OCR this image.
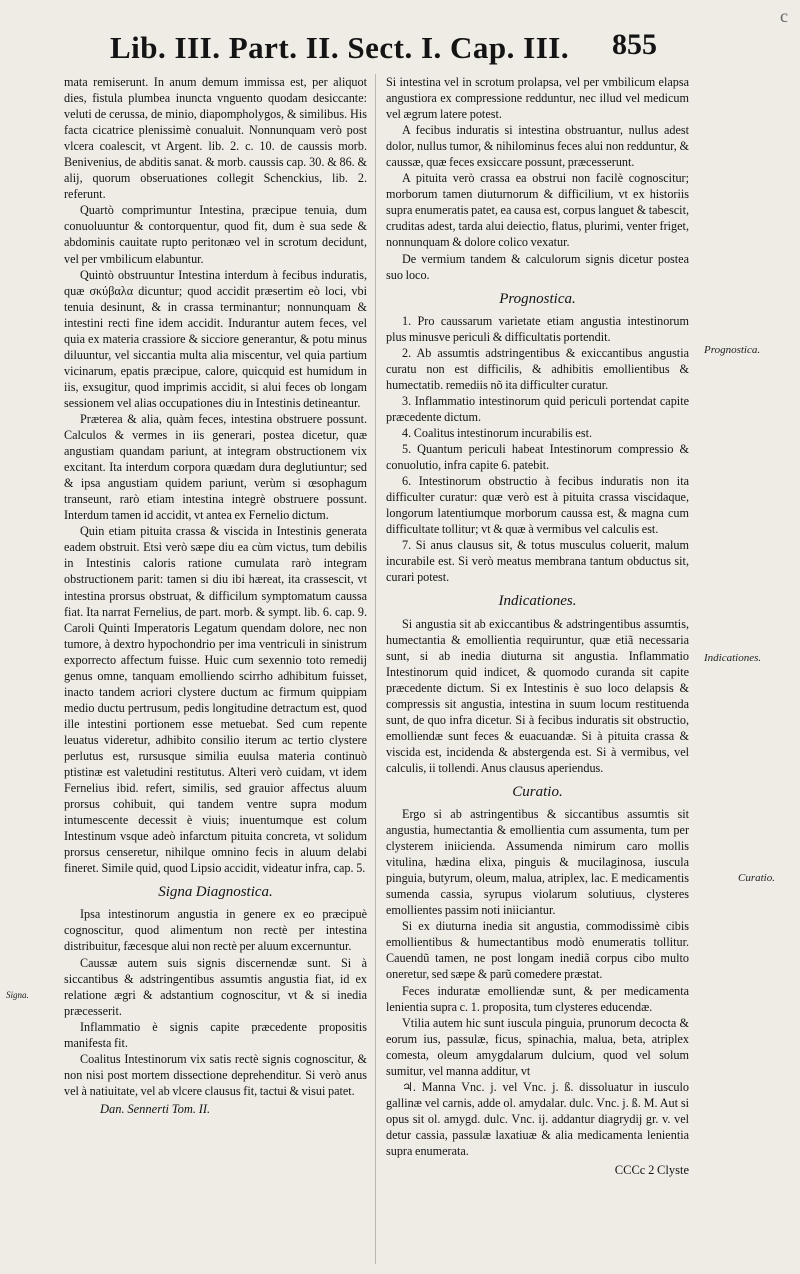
c
Lib. III. Part. II. Sect. I. Cap. III.	855

mata remiserunt. In anum demum immissa est, per aliquot dies, fistula plumbea inuncta vnguento quodam desiccante: veluti de cerussa, de minio, diapompholygos, & similibus. His facta cicatrice plenissimè conualuit. Nonnunquam verò post vlcera coalescit, vt Argent. lib. 2. c. 10. de caussis morb. Benivenius, de abditis sanat. & morb. caussis cap. 30. & 86. & alij, quorum obseruationes collegit Schenckius, lib. 2. referunt.

Quartò comprimuntur Intestina, præcipue tenuia, dum conuoluuntur & contorquentur, quod fit, dum è sua sede & abdominis cauitate rupto peritonæo vel in scrotum decidunt, vel per vmbilicum elabuntur.

Quintò obstruuntur Intestina interdum à fecibus induratis, quæ σκύβαλα dicuntur; quod accidit præsertim eò loci, vbi tenuia desinunt, & in crassa terminantur; nonnunquam & intestini recti fine idem accidit. Indurantur autem feces, vel quia ex materia crassiore & sicciore generantur, & potu minus diluuntur, vel siccantia multa alia miscentur, vel quia partium vicinarum, epatis præcipue, calore, quicquid est humidum in iis, exsugitur, quod imprimis accidit, si alui feces ob longam sessionem vel alias occupationes diu in Intestinis detineantur.

Præterea & alia, quàm feces, intestina obstruere possunt. Calculos & vermes in iis generari, postea dicetur, quæ angustiam quandam pariunt, at integram obstructionem vix excitant. Ita interdum corpora quædam dura deglutiuntur; sed & ipsa angustiam quidem pariunt, verùm si œsophagum transeunt, rarò etiam intestina integrè obstruere possunt. Interdum tamen id accidit, vt antea ex Fernelio dictum.

Quin etiam pituita crassa & viscida in Intestinis generata eadem obstruit. Etsi verò sæpe diu ea cùm victus, tum debilis in Intestinis caloris ratione cumulata rarò integram obstructionem parit: tamen si diu ibi hæreat, ita crassescit, vt intestina prorsus obstruat, & difficilum symptomatum caussa fiat. Ita narrat Fernelius, de part. morb. & sympt. lib. 6. cap. 9. Caroli Quinti Imperatoris Legatum quendam dolore, nec non tumore, à dextro hypochondrio per ima ventriculi in sinistrum exporrecto affectum fuisse. Huic cum sexennio toto remedij genus omne, tanquam emolliendo scirrho adhibitum fuisset, inacto tandem acriori clystere ductum ac firmum quippiam medio ductu pertrusum, pedis longitudine detractum est, quod ille intestini portionem esse metuebat. Sed cum repente leuatus videretur, adhibito consilio iterum ac tertio clystere perlutus est, rursusque similia euulsa materia continuò ptistinæ est valetudini restitutus. Alteri verò cuidam, vt idem Fernelius ibid. refert, similis, sed grauior affectus aluum prorsus cohibuit, qui tandem ventre supra modum intumescente decessit è viuis; inuentumque est colum Intestinum vsque adeò infarctum pituita concreta, vt solidum prorsus censeretur, nihilque omnino fecis in aluum delabi fineret. Simile quid, quod Lipsio accidit, videatur infra, cap. 5.

Signa Diagnostica.

Ipsa intestinorum angustia in genere ex eo præcipuè cognoscitur, quod alimentum non rectè per intestina distribuitur, fæcesque alui non rectè per aluum excernuntur.

Caussæ autem suis signis discernendæ sunt. Si à siccantibus & adstringentibus assumtis angustia fiat, id ex relatione ægri & adstantium cognoscitur, vt & si inedia præcesserit.

Inflammatio è signis capite præcedente propositis manifesta fit.

Coalitus Intestinorum vix satis rectè signis cognoscitur, & non nisi post mortem dissectione deprehenditur. Si verò anus vel à natiuitate, vel ab vlcere clausus fit, tactui & visui patet.

Dan. Sennerti Tom. II.

Si intestina vel in scrotum prolapsa, vel per vmbilicum elapsa angustiora ex compressione redduntur, nec illud vel medicum vel ægrum latere potest.

A fecibus induratis si intestina obstruantur, nullus adest dolor, nullus tumor, & nihilominus feces alui non redduntur, & caussæ, quæ feces exsiccare possunt, præcesserunt.

A pituita verò crassa ea obstrui non facilè cognoscitur; morborum tamen diuturnorum & difficilium, vt ex historiis supra enumeratis patet, ea causa est, corpus languet & tabescit, cruditas adest, tarda alui deiectio, flatus, plurimi, venter friget, nonnunquam & dolore colico vexatur.

De vermium tandem & calculorum signis dicetur postea suo loco.

Prognostica.

1. Pro caussarum varietate etiam angustia intestinorum plus minusve periculi & difficultatis portendit.

2. Ab assumtis adstringentibus & exiccantibus angustia curatu non est difficilis, & adhibitis emollientibus & humectatib. remediis nõ ita difficulter curatur.

3. Inflammatio intestinorum quid periculi portendat capite præcedente dictum.

4. Coalitus intestinorum incurabilis est.

5. Quantum periculi habeat Intestinorum compressio & conuolutio, infra capite 6. patebit.

6. Intestinorum obstructio à fecibus induratis non ita difficulter curatur: quæ verò est à pituita crassa viscidaque, longorum latentiumque morborum caussa est, & magna cum difficultate tollitur; vt & quæ à vermibus vel calculis est.

7. Si anus clausus sit, & totus musculus coluerit, malum incurabile est. Si verò meatus membrana tantum obductus sit, curari potest.

Indicationes.

Si angustia sit ab exiccantibus & adstringentibus assumtis, humectantia & emollientia requiruntur, quæ etiã necessaria sunt, si ab inedia diuturna sit angustia. Inflammatio Intestinorum quid indicet, & quomodo curanda sit capite præcedente dictum. Si ex Intestinis è suo loco delapsis & compressis sit angustia, intestina in suum locum restituenda sunt, de quo infra dicetur. Si à fecibus induratis sit obstructio, emolliendæ sunt feces & euacuandæ. Si à pituita crassa & viscida est, incidenda & abstergenda est. Si à vermibus, vel calculis, ii tollendi. Anus clausus aperiendus.

Curatio.

Ergo si ab astringentibus & siccantibus assumtis sit angustia, humectantia & emollientia cum assumenta, tum per clysterem iniicienda. Assumenda nimirum caro mollis vitulina, hædina elixa, pinguis & mucilaginosa, iuscula pinguia, butyrum, oleum, malua, atriplex, lac. E medicamentis sumenda cassia, syrupus violarum solutiuus, clysteres emollientes passim noti iniiciantur.

Si ex diuturna inedia sit angustia, commodissimè cibis emollientibus & humectantibus modò enumeratis tollitur. Cauendũ tamen, ne post longam inediã corpus cibo multo oneretur, sed sæpe & parũ comedere præstat.

Feces induratæ emolliendæ sunt, & per medicamenta lenientia supra c. 1. proposita, tum clysteres educendæ.

Vtilia autem hic sunt iuscula pinguia, prunorum decocta & eorum ius, passulæ, ficus, spinachia, malua, beta, atriplex comesta, oleum amygdalarum dulcium, quod vel solum sumitur, vel manna additur, vt

♃. Manna Vnc. j. vel Vnc. j. ß. dissoluatur in iusculo gallinæ vel carnis, adde ol. amydalar. dulc. Vnc. j. ß. M. Aut si opus sit ol. amygd. dulc. Vnc. ij. addantur diagrydij gr. v. vel detur cassia, passulæ laxatiuæ & alia medicamenta lenientia supra enumerata.

CCCc 2 Clyste

Prognostica.
Indicationes.
Curatio.
Signa.
